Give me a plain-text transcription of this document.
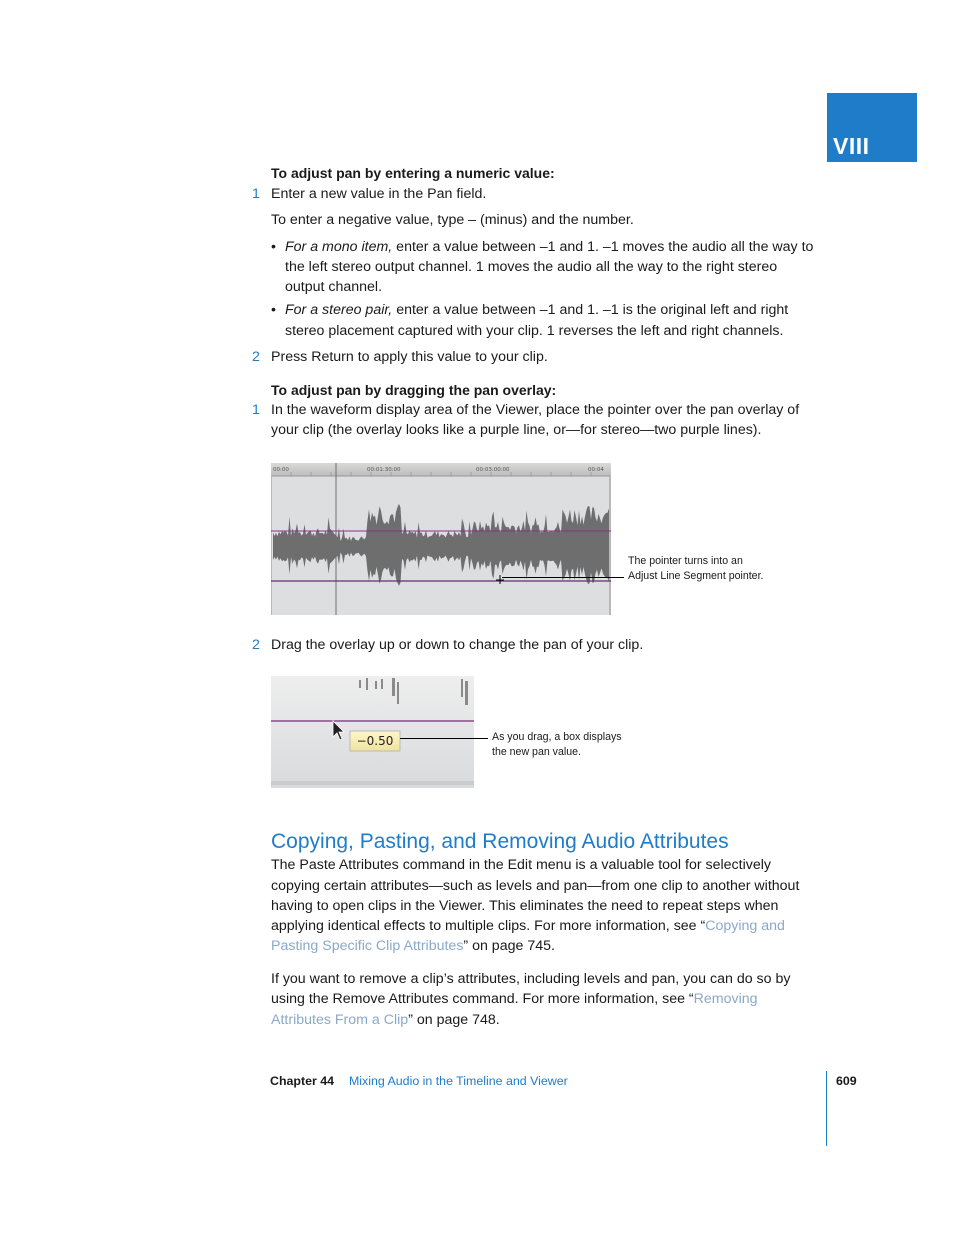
VIII
To adjust pan by entering a numeric value:
1 Enter a new value in the Pan field.
To enter a negative value, type – (minus) and the number.
• For a mono item, enter a value between –1 and 1. –1 moves the audio all the way to
the left stereo output channel. 1 moves the audio all the way to the right stereo
output channel.
• For a stereo pair, enter a value between –1 and 1. –1 is the original left and right
stereo placement captured with your clip. 1 reverses the left and right channels.
2 Press Return to apply this value to your clip.
To adjust pan by dragging the pan overlay:
1 In the waveform display area of the Viewer, place the pointer over the pan overlay of
your clip (the overlay looks like a purple line, or—for stereo—two purple lines).
00:00	00:01:30:00	00:03:00:00	00:04
The pointer turns into an
Adjust Line Segment pointer.
2 Drag the overlay up or down to change the pan of your clip.
−0.50	As you drag, a box displays
the new pan value.
Copying, Pasting, and Removing Audio Attributes
The Paste Attributes command in the Edit menu is a valuable tool for selectively
copying certain attributes—such as levels and pan—from one clip to another without
having to open clips in the Viewer. This eliminates the need to repeat steps when
applying identical effects to multiple clips. For more information, see “Copying and
Pasting Specific Clip Attributes” on page 745.
If you want to remove a clip’s attributes, including levels and pan, you can do so by
using the Remove Attributes command. For more information, see “Removing
Attributes From a Clip” on page 748.
Chapter 44 Mixing Audio in the Timeline and Viewer	609
